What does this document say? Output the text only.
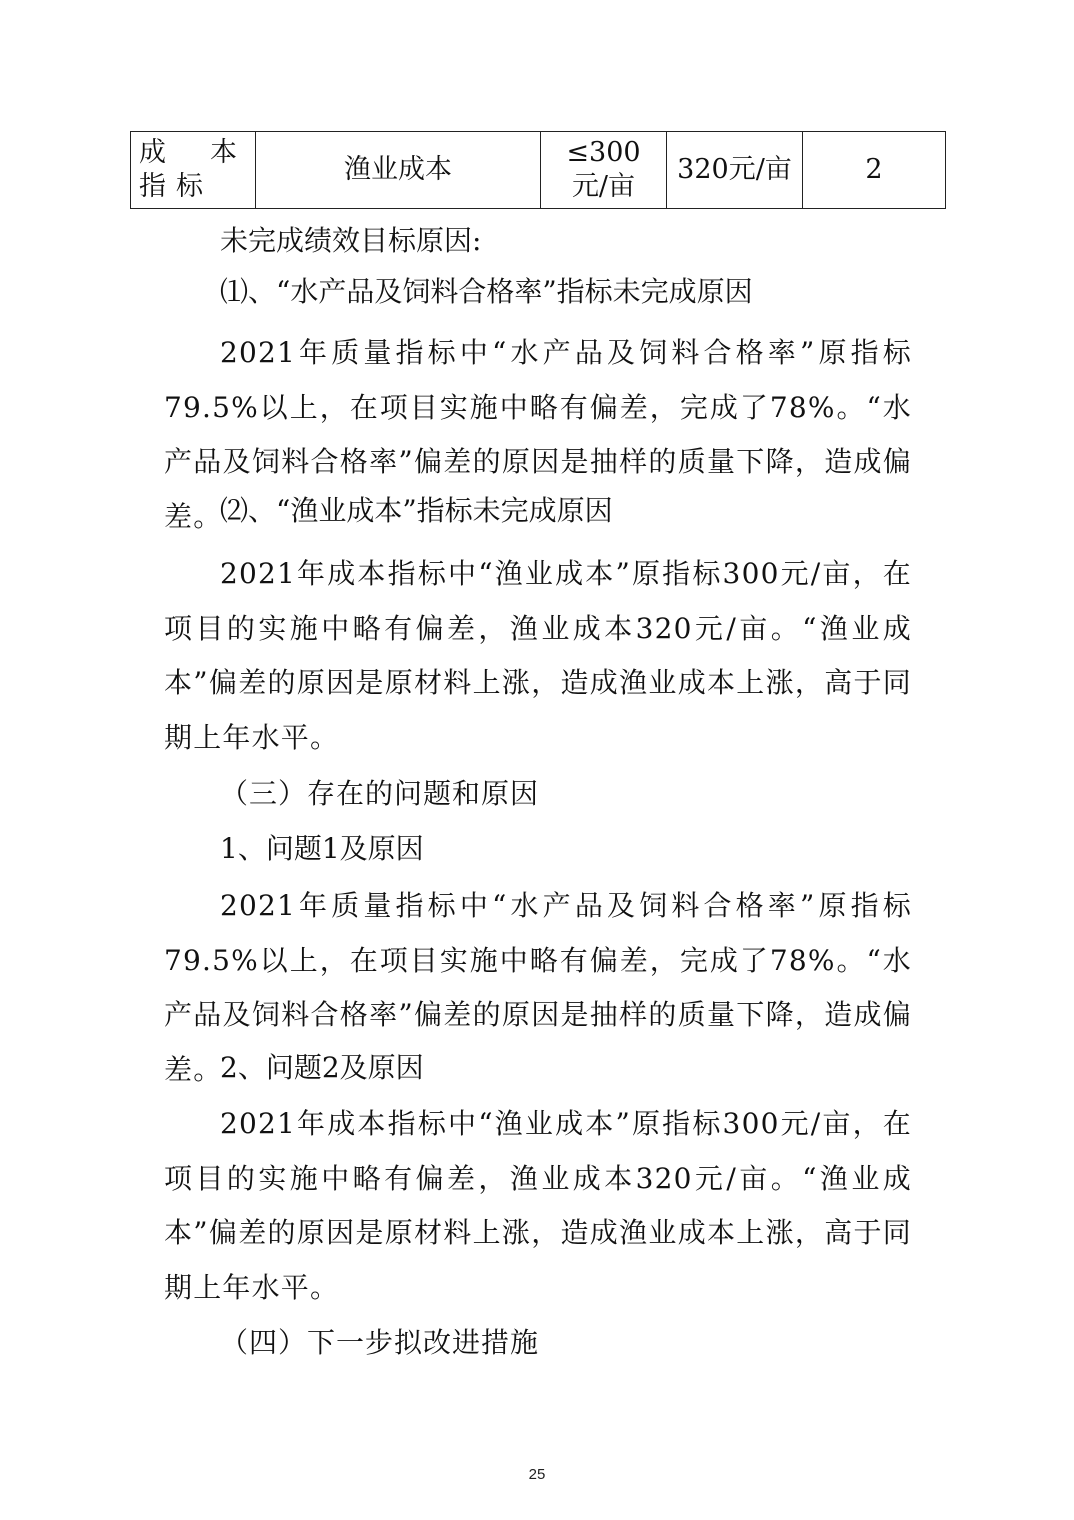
成本指标	渔业成本	≤300元/亩	320元/亩	2
未完成绩效目标原因:
⑴、“水产品及饲料合格率”指标未完成原因

2021年质量指标中“水产品及饲料合格率”原指标79.5%以上，在项目实施中略有偏差，完成了78%。“水产品及饲料合格率”偏差的原因是抽样的质量下降，造成偏差。

⑵、“渔业成本”指标未完成原因

2021年成本指标中“渔业成本”原指标300元/亩，在项目的实施中略有偏差，渔业成本320元/亩。“渔业成本”偏差的原因是原材料上涨，造成渔业成本上涨，高于同期上年水平。

（三）存在的问题和原因
1、问题1及原因

2021年质量指标中“水产品及饲料合格率”原指标79.5%以上，在项目实施中略有偏差，完成了78%。“水产品及饲料合格率”偏差的原因是抽样的质量下降，造成偏差。

2、问题2及原因

2021年成本指标中“渔业成本”原指标300元/亩，在项目的实施中略有偏差，渔业成本320元/亩。“渔业成本”偏差的原因是原材料上涨，造成渔业成本上涨，高于同期上年水平。

（四）下一步拟改进措施
25
